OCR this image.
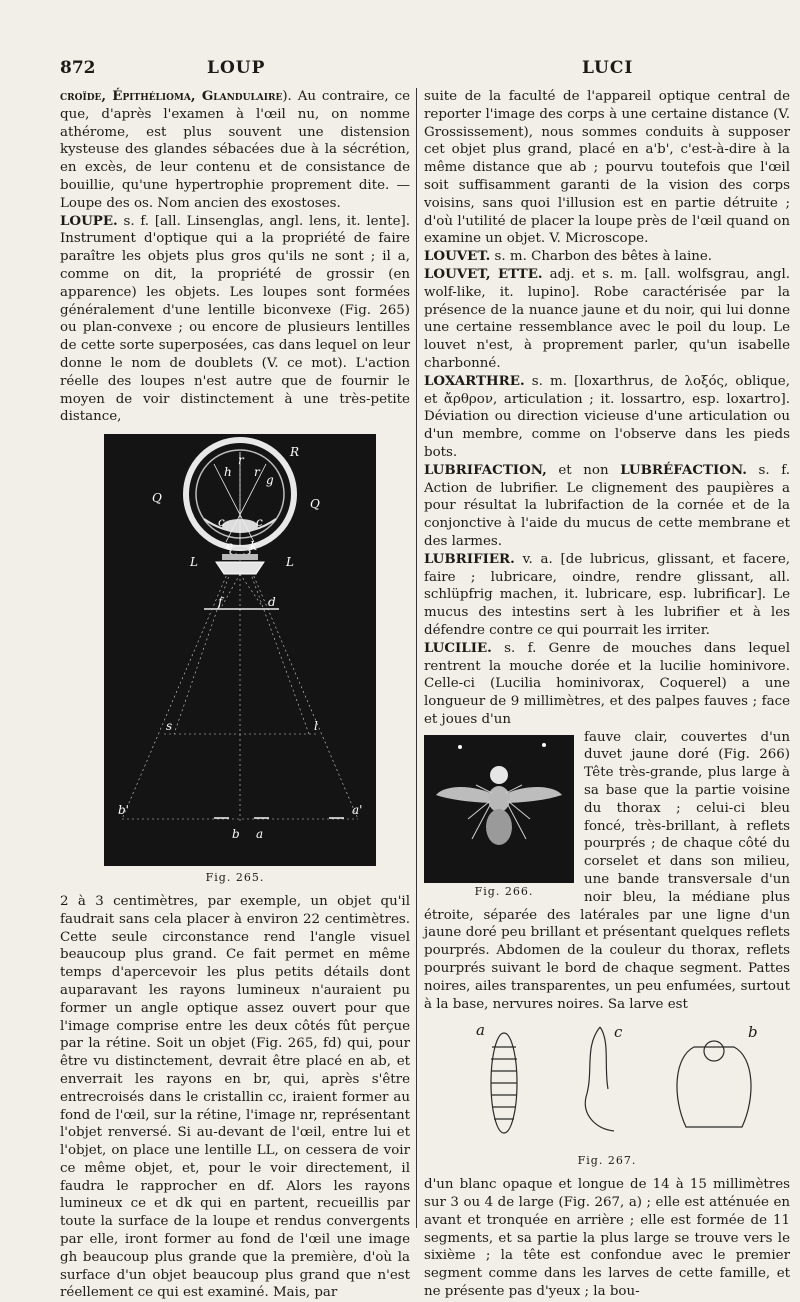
872	LOUP	LUCI

croïde, Épithélioma, Glandulaire). Au contraire, ce que, d'après l'examen à l'œil nu, on nomme athérome, est plus souvent une distension kysteuse des glandes sébacées due à la sécrétion, en excès, de leur contenu et de consistance de bouillie, qu'une hypertrophie proprement dite. — Loupe des os. Nom ancien des exostoses.

LOUPE. s. f. [all. Linsenglas, angl. lens, it. lente]. Instrument d'optique qui a la propriété de faire paraître les objets plus gros qu'ils ne sont ; il a, comme on dit, la propriété de grossir (en apparence) les objets. Les loupes sont formées généralement d'une lentille biconvexe (Fig. 265) ou plan-convexe ; ou encore de plusieurs lentilles de cette sorte superposées, cas dans lequel on leur donne le nom de doublets (V. ce mot). L'action réelle des loupes n'est autre que de fournir le moyen de voir distinctement à une très-petite distance,

R
Q	Q
h
r
r
g
c	c
e k
L	L
f	d
s	l
b'
b a
a'
Fig. 265.

2 à 3 centimètres, par exemple, un objet qu'il faudrait sans cela placer à environ 22 centimètres. Cette seule circonstance rend l'angle visuel beaucoup plus grand. Ce fait permet en même temps d'apercevoir les plus petits détails dont auparavant les rayons lumineux n'auraient pu former un angle optique assez ouvert pour que l'image comprise entre les deux côtés fût perçue par la rétine. Soit un objet (Fig. 265, fd) qui, pour être vu distinctement, devrait être placé en ab, et enverrait les rayons en br, qui, après s'être entrecroisés dans le cristallin cc, iraient former au fond de l'œil, sur la rétine, l'image nr, représentant l'objet renversé. Si au-devant de l'œil, entre lui et l'objet, on place une lentille LL, on cessera de voir ce même objet, et, pour le voir directement, il faudra le rapprocher en df. Alors les rayons lumineux ce et dk qui en partent, recueillis par toute la surface de la loupe et rendus convergents par elle, iront former au fond de l'œil une image gh beaucoup plus grande que la première, d'où la surface d'un objet beaucoup plus grand que n'est réellement ce qui est examiné. Mais, par

suite de la faculté de l'appareil optique central de reporter l'image des corps à une certaine distance (V. Grossissement), nous sommes conduits à supposer cet objet plus grand, placé en a'b', c'est-à-dire à la même distance que ab ; pourvu toutefois que l'œil soit suffisamment garanti de la vision des corps voisins, sans quoi l'illusion est en partie détruite ; d'où l'utilité de placer la loupe près de l'œil quand on examine un objet. V. Microscope.

LOUVET. s. m. Charbon des bêtes à laine.

LOUVET, ETTE. adj. et s. m. [all. wolfsgrau, angl. wolf-like, it. lupino]. Robe caractérisée par la présence de la nuance jaune et du noir, qui lui donne une certaine ressemblance avec le poil du loup. Le louvet n'est, à proprement parler, qu'un isabelle charbonné.

LOXARTHRE. s. m. [loxarthrus, de λοξός, oblique, et ἄρθρον, articulation ; it. lossartro, esp. loxartro]. Déviation ou direction vicieuse d'une articulation ou d'un membre, comme on l'observe dans les pieds bots.

LUBRIFACTION, et non LUBRÉFACTION. s. f. Action de lubrifier. Le clignement des paupières a pour résultat la lubrifaction de la cornée et de la conjonctive à l'aide du mucus de cette membrane et des larmes.

LUBRIFIER. v. a. [de lubricus, glissant, et facere, faire ; lubricare, oindre, rendre glissant, all. schlüpfrig machen, it. lubricare, esp. lubrificar]. Le mucus des intestins sert à les lubrifier et à les défendre contre ce qui pourrait les irriter.

LUCILIE. s. f. Genre de mouches dans lequel rentrent la mouche dorée et la lucilie hominivore. Celle-ci (Lucilia hominivorax, Coquerel) a une longueur de 9 millimètres, et des palpes fauves ; face et joues d'un

Fig. 266.

fauve clair, couvertes d'un duvet jaune doré (Fig. 266) Tête très-grande, plus large à sa base que la partie voisine du thorax ; celui-ci bleu foncé, très-brillant, à reflets pourprés ; de chaque côté du corselet et dans son milieu, une bande transversale d'un noir bleu, la médiane plus étroite, séparée des latérales par une ligne d'un jaune doré peu brillant et présentant quelques reflets pourprés. Abdomen de la couleur du thorax, reflets pourprés suivant le bord de chaque segment. Pattes noires, ailes transparentes, un peu enfumées, surtout à la base, nervures noires. Sa larve est

a	c	b
Fig. 267.

d'un blanc opaque et longue de 14 à 15 millimètres sur 3 ou 4 de large (Fig. 267, a) ; elle est atténuée en avant et tronquée en arrière ; elle est formée de 11 segments, et sa partie la plus large se trouve vers le sixième ; la tête est confondue avec le premier segment comme dans les larves de cette famille, et ne présente pas d'yeux ; la bou-
